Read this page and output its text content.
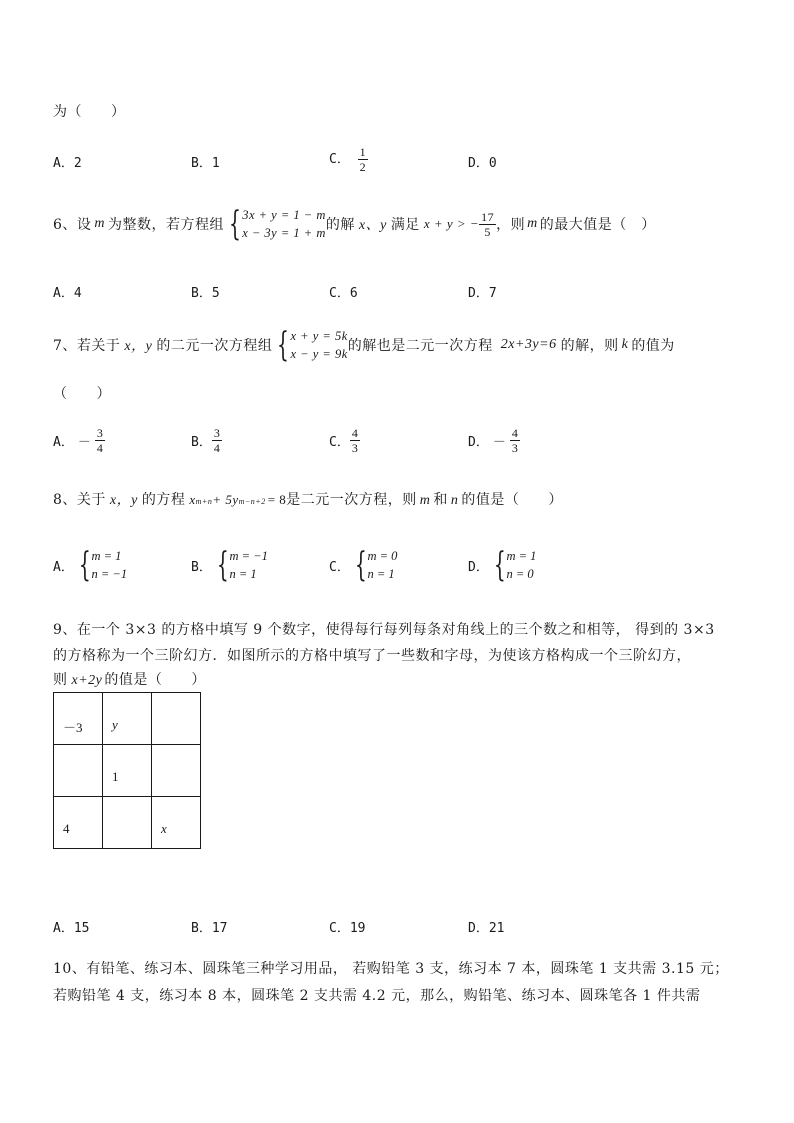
为（　　）
A．2	B．1	C． $\frac{1}{2}$	D．0
6、设 m 为整数，若方程组 { 3x + y = 1 − m
x − 3y = 1 + m 的解 x、y 满足 x + y > − $\frac{17}{5}$ ，则 m 的最大值是（　）
A．4	B．5	C．6	D．7
7、若关于 x，y 的二元一次方程组 { x + y = 5k
x − y = 9k 的解也是二元一次方程 2x+3y=6 的解，则 k 的值为
（　　）
A． － $\frac{3}{4}$	B． $\frac{3}{4}$	C． $\frac{4}{3}$	D． － $\frac{4}{3}$
8、关于 x，y 的方程 x m+n + 5y m−n+2 = 8 是二元一次方程，则 m 和 n 的值是（　　）
A． { m = 1
n = −1	B． { m = −1
n = 1	C． { m = 0
n = 1	D． { m = 1
n = 0
9、在一个 3×3 的方格中填写 9 个数字，使得每行每列每条对角线上的三个数之和相等， 得到的 3×3
的方格称为一个三阶幻方．如图所示的方格中填写了一些数和字母，为使该方格构成一个三阶幻方，
则 x+2y 的值是（　　）
－3	y	

	1	

4		x
A．15	B．17	C．19	D．21
10、有铅笔、练习本、圆珠笔三种学习用品， 若购铅笔 3 支，练习本 7 本，圆珠笔 1 支共需 3.15 元；
若购铅笔 4 支，练习本 8 本，圆珠笔 2 支共需 4.2 元，那么，购铅笔、练习本、圆珠笔各 1 件共需
